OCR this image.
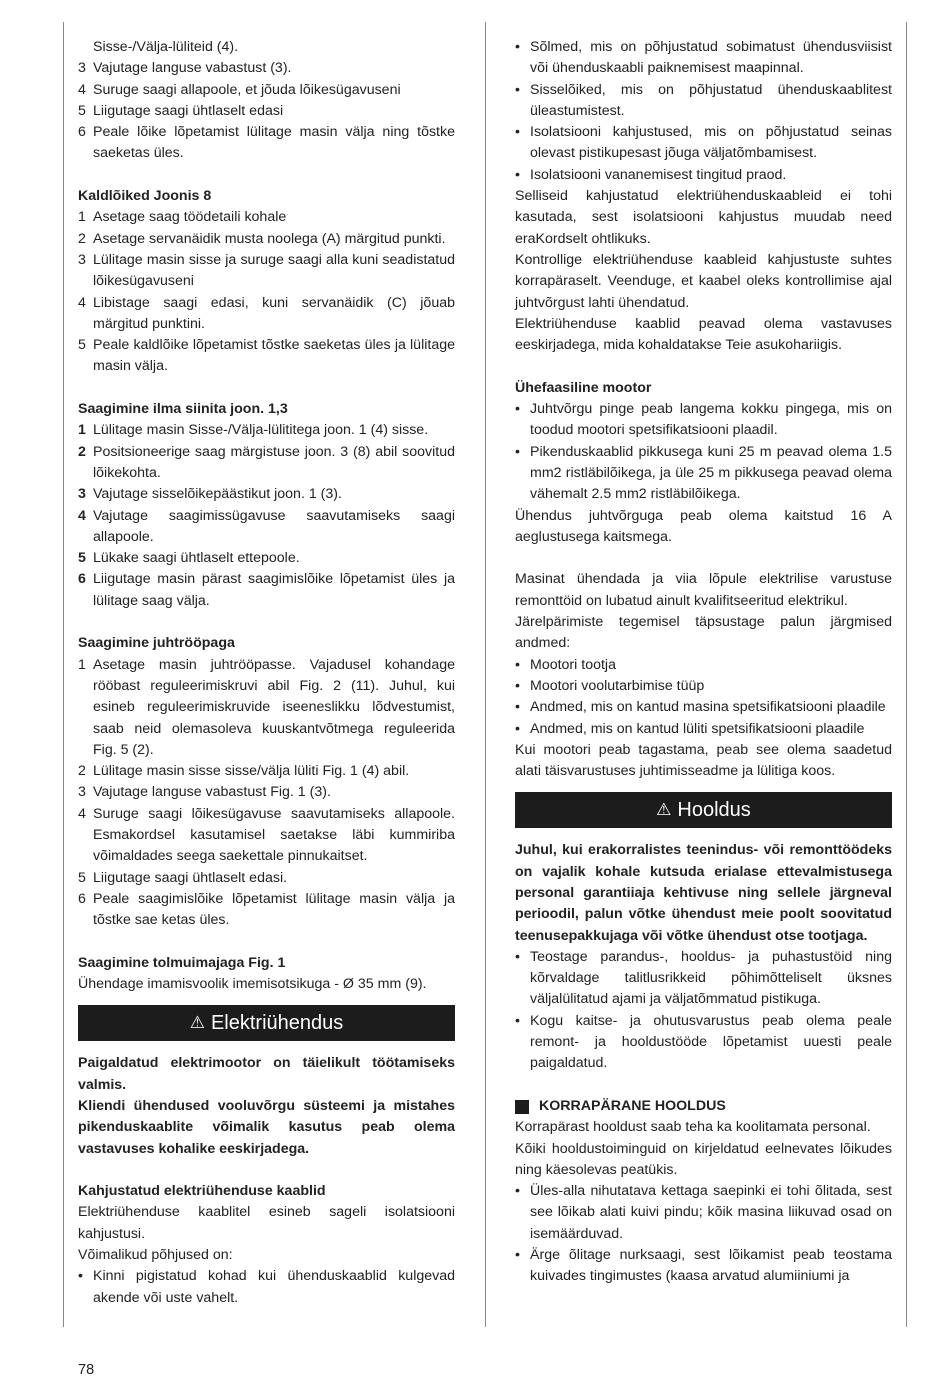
Sisse-/Välja-lüliteid (4).

3 Vajutage languse vabastust (3).

4 Suruge saagi allapoole, et jõuda lõikesügavuseni

5 Liigutage saagi ühtlaselt edasi

6 Peale lõike lõpetamist lülitage masin välja ning tõstke saeketas üles.

Kaldlõiked Joonis 8

1 Asetage saag töödetaili kohale

2 Asetage servanäidik musta noolega (A) märgitud punkti.

3 Lülitage masin sisse ja suruge saagi alla kuni seadistatud lõikesügavuseni

4 Libistage saagi edasi, kuni servanäidik (C) jõuab märgitud punktini.

5 Peale kaldlõike lõpetamist tõstke saeketas üles ja lülitage masin välja.

Saagimine ilma siinita joon. 1,3

1 Lülitage masin Sisse-/Välja-lülititega joon. 1 (4) sisse.

2 Positsioneerige saag märgistuse joon. 3 (8) abil soovitud lõikekohta.

3 Vajutage sisselõikepäästikut joon. 1 (3).

4 Vajutage saagimissügavuse saavutamiseks saagi allapoole.

5 Lükake saagi ühtlaselt ettepoole.

6 Liigutage masin pärast saagimislõike lõpetamist üles ja lülitage saag välja.

Saagimine juhtrööpaga

1 Asetage masin juhtrööpasse. Vajadusel kohandage rööbast reguleerimiskruvi abil Fig. 2 (11). Juhul, kui esineb reguleerimiskruvide iseeneslikku lõdvestumist, saab neid olemasoleva kuuskantvõtmega reguleerida Fig. 5 (2).

2 Lülitage masin sisse sisse/välja lüliti Fig. 1 (4) abil.

3 Vajutage languse vabastust Fig. 1 (3).

4 Suruge saagi lõikesügavuse saavutamiseks allapoole. Esmakordsel kasutamisel saetakse läbi kummiriba võimaldades seega saekettale pinnukaitset.

5 Liigutage saagi ühtlaselt edasi.

6 Peale saagimislõike lõpetamist lülitage masin välja ja tõstke sae ketas üles.

Saagimine tolmuimajaga Fig. 1

Ühendage imamisvoolik imemisotsikuga - Ø 35 mm (9).

⚠ Elektriühendus

Paigaldatud elektrimootor on täielikult töötamiseks valmis.

Kliendi ühendused vooluvõrgu süsteemi ja mistahes pikenduskaablite võimalik kasutus peab olema vastavuses kohalike eeskirjadega.

Kahjustatud elektriühenduse kaablid

Elektriühenduse kaablitel esineb sageli isolatsiooni kahjustusi.

Võimalikud põhjused on:

• Kinni pigistatud kohad kui ühenduskaablid kulgevad akende või uste vahelt.

• Sõlmed, mis on põhjustatud sobimatust ühendusviisist või ühenduskaabli paiknemisest maapinnal.

• Sisselõiked, mis on põhjustatud ühenduskaablitest üleastumistest.

• Isolatsiooni kahjustused, mis on põhjustatud seinas olevast pistikupesast jõuga väljatõmbamisest.

• Isolatsiooni vananemisest tingitud praod.

Selliseid kahjustatud elektriühenduskaableid ei tohi kasutada, sest isolatsiooni kahjustus muudab need eraKordselt ohtlikuks.

Kontrollige elektriühenduse kaableid kahjustuste suhtes korrapäraselt. Veenduge, et kaabel oleks kontrollimise ajal juhtvõrgust lahti ühendatud.

Elektriühenduse kaablid peavad olema vastavuses eeskirjadega, mida kohaldatakse Teie asukohariigis.

Ühefaasiline mootor

• Juhtvõrgu pinge peab langema kokku pingega, mis on toodud mootori spetsifikatsiooni plaadil.

• Pikenduskaablid pikkusega kuni 25 m peavad olema 1.5 mm2 ristläbilõikega, ja üle 25 m pikkusega peavad olema vähemalt 2.5 mm2 ristläbilõikega.

Ühendus juhtvõrguga peab olema kaitstud 16 A aeglustusega kaitsmega.

Masinat ühendada ja viia lõpule elektrilise varustuse remonttöid on lubatud ainult kvalifitseeritud elektrikul.

Järelpärimiste tegemisel täpsustage palun järgmised andmed:

• Mootori tootja

• Mootori voolutarbimise tüüp

• Andmed, mis on kantud masina spetsifikatsiooni plaadile

• Andmed, mis on kantud lüliti spetsifikatsiooni plaadile

Kui mootori peab tagastama, peab see olema saadetud alati täisvarustuses juhtimisseadme ja lülitiga koos.

⚠ Hooldus

Juhul, kui erakorralistes teenindus- või remonttöödeks on vajalik kohale kutsuda erialase ettevalmistusega personal garantiiaja kehtivuse ning sellele järgneval perioodil, palun võtke ühendust meie poolt soovitatud teenusepakkujaga või võtke ühendust otse tootjaga.

• Teostage parandus-, hooldus- ja puhastustöid ning kõrvaldage talitlusrikkeid põhimõtteliselt üksnes väljalülitatud ajami ja väljatõmmatud pistikuga.

• Kogu kaitse- ja ohutusvarustus peab olema peale remont- ja hooldustööde lõpetamist uuesti peale paigaldatud.

KORRAPÄRANE HOOLDUS

Korrapärast hooldust saab teha ka koolitamata personal.

Kõiki hooldustoiminguid on kirjeldatud eelnevates lõikudes ning käesolevas peatükis.

• Üles-alla nihutatava kettaga saepinki ei tohi õlitada, sest see lõikab alati kuivi pindu; kõik masina liikuvad osad on isemäärduvad.

• Ärge õlitage nurksaagi, sest lõikamist peab teostama kuivades tingimustes (kaasa arvatud alumiiniumi ja

78
